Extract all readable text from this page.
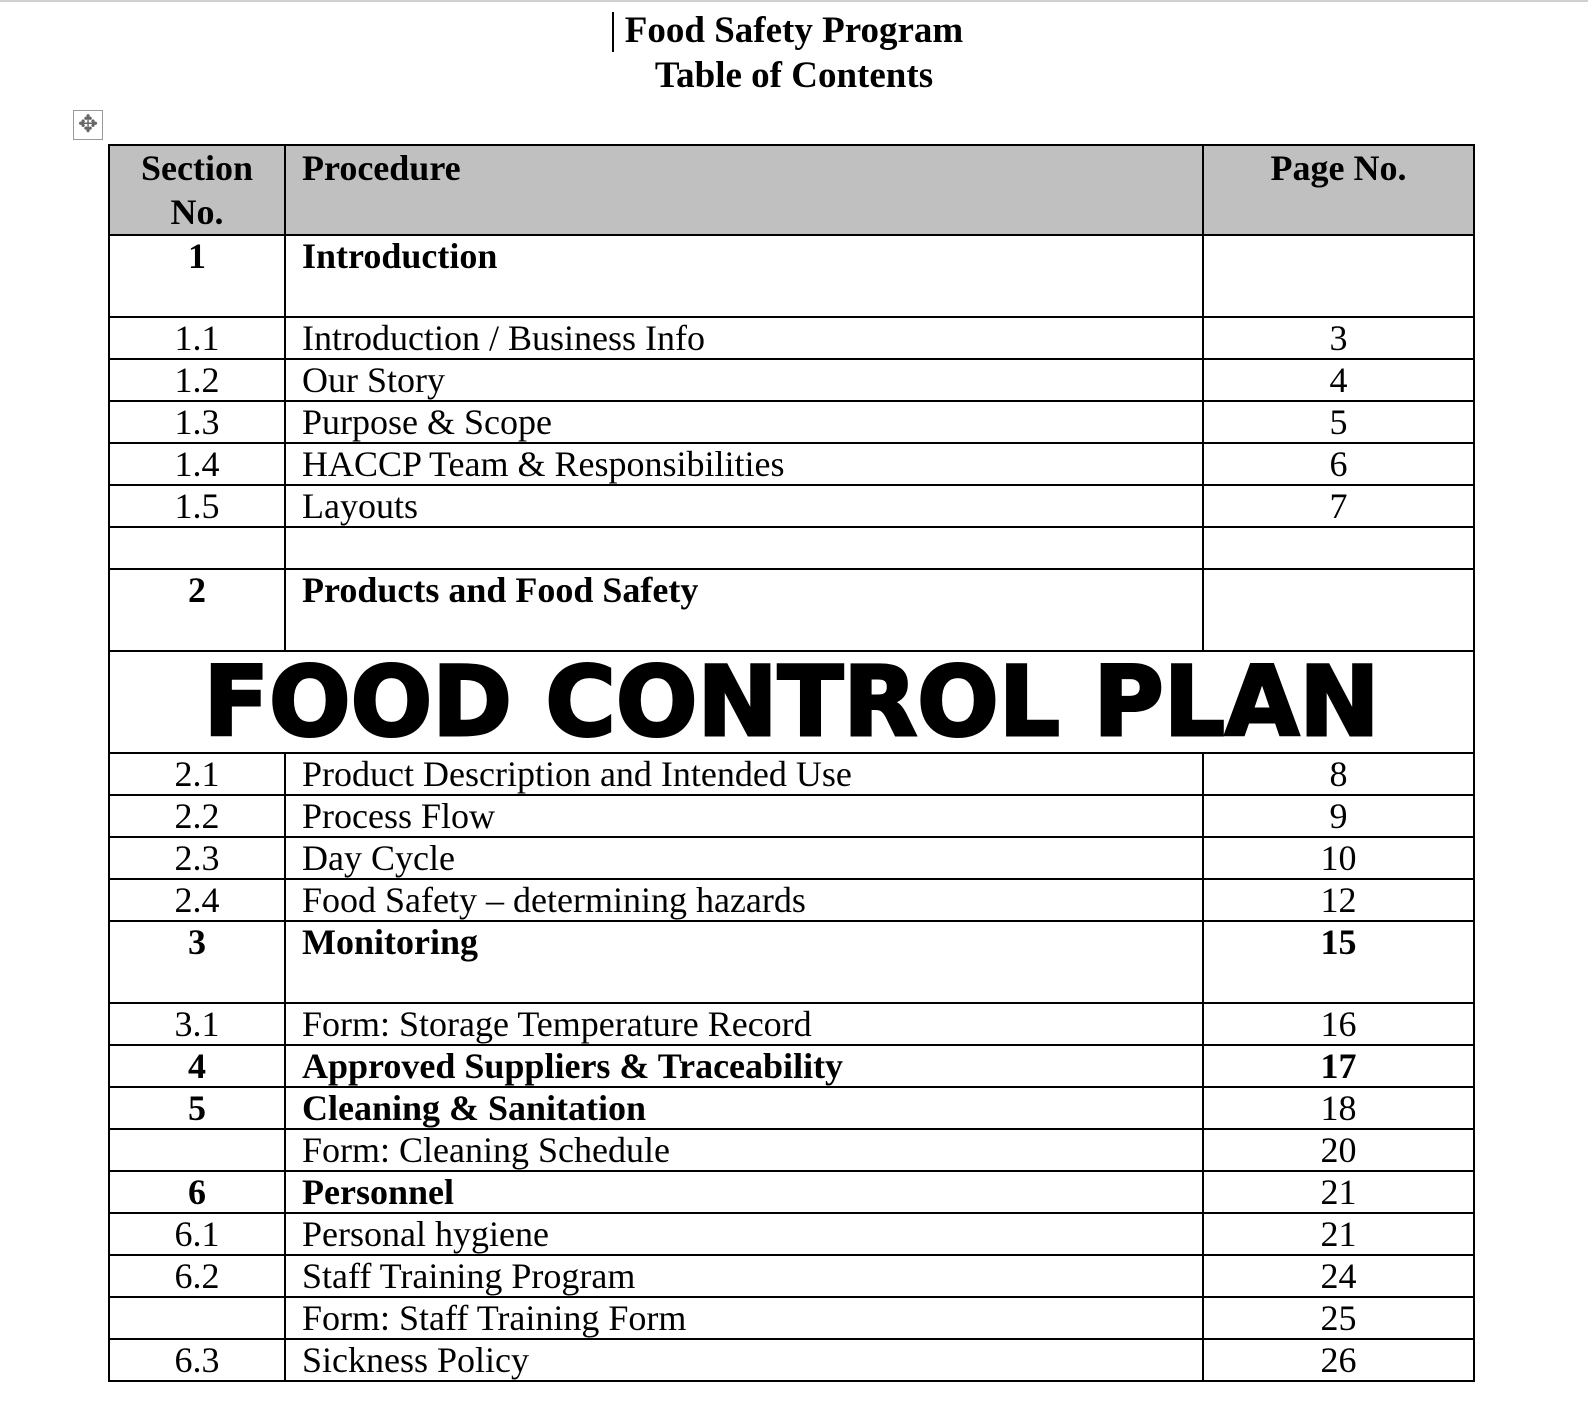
Food Safety Program
Table of Contents
✥
Section No.	Procedure	Page No.
1	Introduction	
1.1	Introduction / Business Info	3
1.2	Our Story	4
1.3	Purpose & Scope	5
1.4	HACCP Team & Responsibilities	6
1.5	Layouts	7

2	Products and Food Safety	
FOOD CONTROL PLAN		
2.1	Product Description and Intended Use	8
2.2	Process Flow	9
2.3	Day Cycle	10
2.4	Food Safety – determining hazards	12
3	Monitoring	15
3.1	Form: Storage Temperature Record	16
4	Approved Suppliers & Traceability	17
5	Cleaning & Sanitation	18
	Form: Cleaning Schedule	20
6	Personnel	21
6.1	Personal hygiene	21
6.2	Staff Training Program	24
	Form: Staff Training Form	25
6.3	Sickness Policy	26
